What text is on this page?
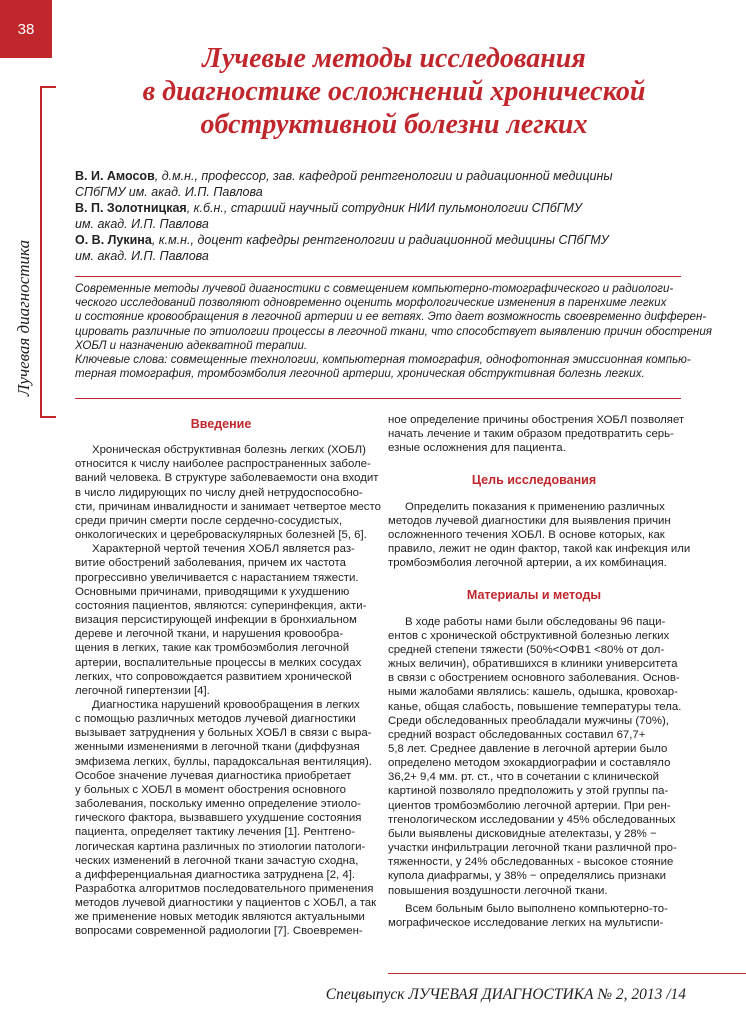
38
Лучевая диагностика
Лучевые методы исследования
в диагностике осложнений хронической
обструктивной болезни легких
В. И. Амосов, д.м.н., профессор, зав. кафедрой рентгенологии и радиационной медицины
СПбГМУ им. акад. И.П. Павлова
В. П. Золотницкая, к.б.н., старший научный сотрудник НИИ пульмонологии СПбГМУ
им. акад. И.П. Павлова
О. В. Лукина, к.м.н., доцент кафедры рентгенологии и радиационной медицины СПбГМУ
им. акад. И.П. Павлова
Современные методы лучевой диагностики с совмещением компьютерно-томографического и радиологи-
ческого исследований позволяют одновременно оценить морфологические изменения в паренхиме легких
и состояние кровообращения в легочной артерии и ее ветвях. Это дает возможность своевременно дифферен-
цировать различные по этиологии процессы в легочной ткани, что способствует выявлению причин обострения
ХОБЛ и назначению адекватной терапии.
Ключевые слова: совмещенные технологии, компьютерная томография, однофотонная эмиссионная компью-
терная томография, тромбоэмболия легочной артерии, хроническая обструктивная болезнь легких.
Введение
Хроническая обструктивная болезнь легких (ХОБЛ)
относится к числу наиболее распространенных заболе-
ваний человека. В структуре заболеваемости она входит
в число лидирующих по числу дней нетрудоспособно-
сти, причинам инвалидности и занимает четвертое место
среди причин смерти после сердечно-сосудистых,
онкологических и цереброваскулярных болезней [5, 6].
Характерной чертой течения ХОБЛ является раз-
витие обострений заболевания, причем их частота
прогрессивно увеличивается с нарастанием тяжести.
Основными причинами, приводящими к ухудшению
состояния пациентов, являются: суперинфекция, акти-
визация персистирующей инфекции в бронхиальном
дереве и легочной ткани, и нарушения кровообра-
щения в легких, такие как тромбоэмболия легочной
артерии, воспалительные процессы в мелких сосудах
легких, что сопровождается развитием хронической
легочной гипертензии [4].
Диагностика нарушений кровообращения в легких
с помощью различных методов лучевой диагностики
вызывает затруднения у больных ХОБЛ в связи с выра-
женными изменениями в легочной ткани (диффузная
эмфизема легких, буллы, парадоксальная вентиляция).
Особое значение лучевая диагностика приобретает
у больных с ХОБЛ в момент обострения основного
заболевания, поскольку именно определение этиоло-
гического фактора, вызвавшего ухудшение состояния
пациента, определяет тактику лечения [1]. Рентгено-
логическая картина различных по этиологии патологи-
ческих изменений в легочной ткани зачастую сходна,
а дифференциальная диагностика затруднена [2, 4].
Разработка алгоритмов последовательного применения
методов лучевой диагностики у пациентов с ХОБЛ, а так
же применение новых методик являются актуальными
вопросами современной радиологии [7]. Своевремен-
ное определение причины обострения ХОБЛ позволяет
начать лечение и таким образом предотвратить серь-
езные осложнения для пациента.
Цель исследования
Определить показания к применению различных
методов лучевой диагностики для выявления причин
осложненного течения ХОБЛ. В основе которых, как
правило, лежит не один фактор, такой как инфекция или
тромбоэмболия легочной артерии, а их комбинация.
Материалы и методы
В ходе работы нами были обследованы 96 паци-
ентов с хронической обструктивной болезнью легких
средней степени тяжести (50%<ОФВ1 <80% от дол-
жных величин), обратившихся в клиники университета
в связи с обострением основного заболевания. Основ-
ными жалобами являлись: кашель, одышка, кровохар-
канье, общая слабость, повышение температуры тела.
Среди обследованных преобладали мужчины (70%),
средний возраст обследованных составил 67,7+
5,8 лет. Среднее давление в легочной артерии было
определено методом эхокардиографии и составляло
36,2+ 9,4 мм. рт. ст., что в сочетании с клинической
картиной позволяло предположить у этой группы па-
циентов тромбоэмболию легочной артерии. При рен-
тгенологическом исследовании у 45% обследованных
были выявлены дисковидные ателектазы, у 28% −
участки инфильтрации легочной ткани различной про-
тяженности, у 24% обследованных - высокое стояние
купола диафрагмы, у 38% − определялись признаки
повышения воздушности легочной ткани.
Всем больным было выполнено компьютерно-то-
мографическое исследование легких на мультиспи-
Спецвыпуск ЛУЧЕВАЯ ДИАГНОСТИКА № 2, 2013 /14
